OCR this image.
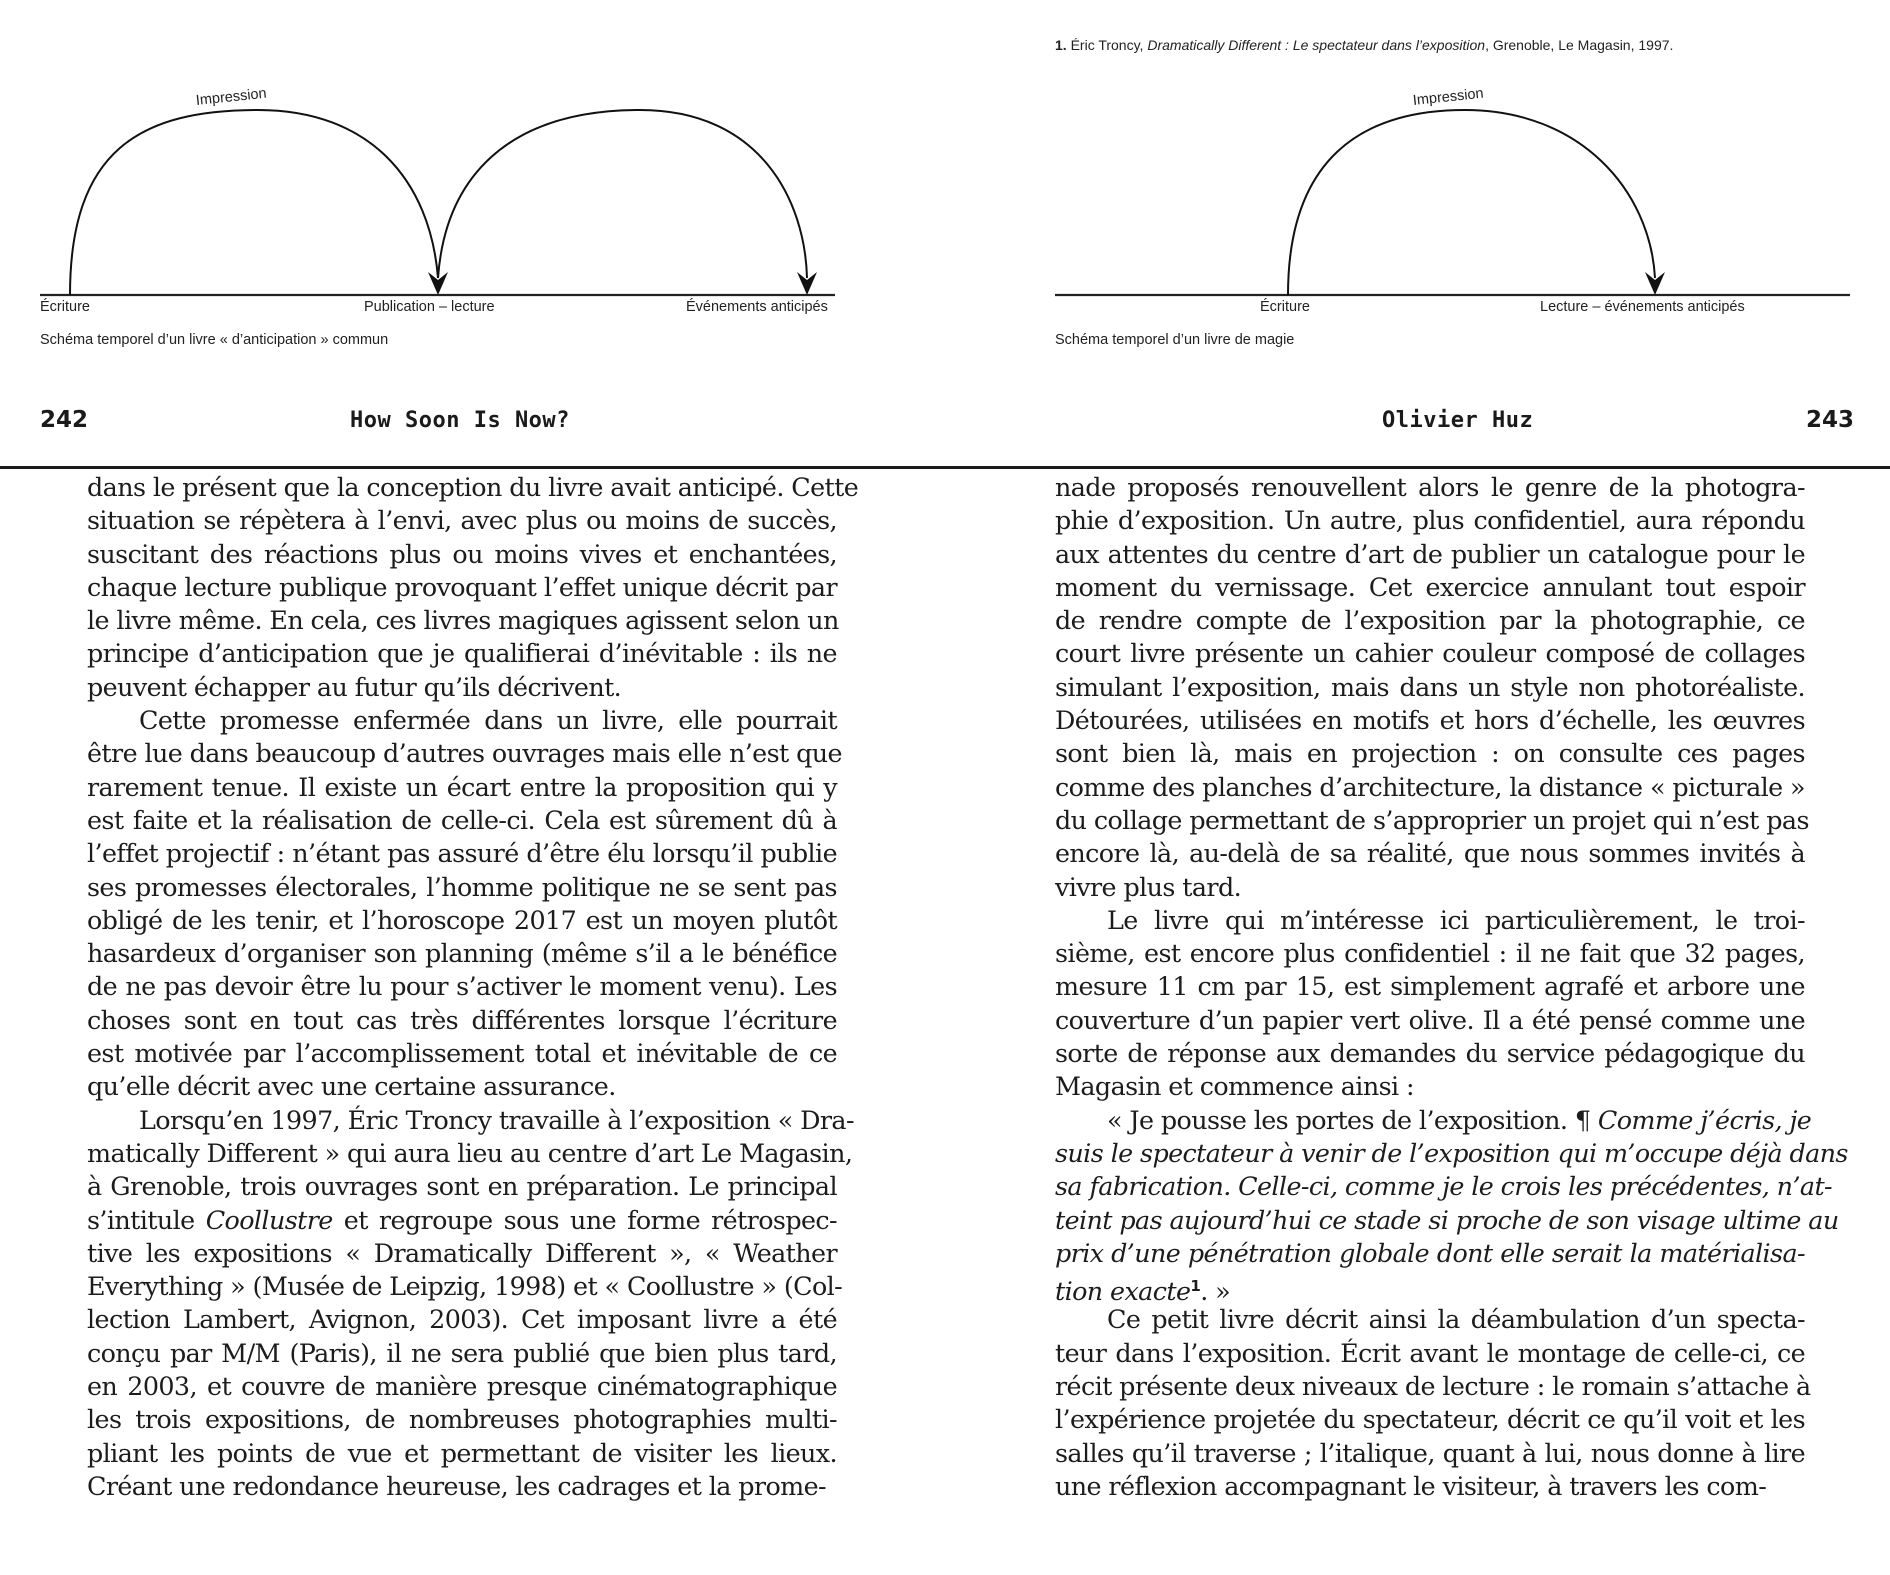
Impression	Impression
Écriture	Publication – lecture	Événements anticipés
Schéma temporel d’un livre « d’anticipation » commun
1. Éric Troncy, Dramatically Different : Le spectateur dans l’exposition, Grenoble, Le Magasin, 1997.
Écriture	Lecture – événements anticipés
Schéma temporel d’un livre de magie
242	How Soon Is Now?	Olivier Huz	243
dans le présent que la conception du livre avait anticipé. Cette
situation se répètera à l’envi, avec plus ou moins de succès,
suscitant des réactions plus ou moins vives et enchantées,
chaque lecture publique provoquant l’effet unique décrit par
le livre même. En cela, ces livres magiques agissent selon un
principe d’anticipation que je qualifierai d’inévitable : ils ne
peuvent échapper au futur qu’ils décrivent.
Cette promesse enfermée dans un livre, elle pourrait
être lue dans beaucoup d’autres ouvrages mais elle n’est que
rarement tenue. Il existe un écart entre la proposition qui y
est faite et la réalisation de celle-ci. Cela est sûrement dû à
l’effet projectif : n’étant pas assuré d’être élu lorsqu’il publie
ses promesses électorales, l’homme politique ne se sent pas
obligé de les tenir, et l’horoscope 2017 est un moyen plutôt
hasardeux d’organiser son planning (même s’il a le bénéfice
de ne pas devoir être lu pour s’activer le moment venu). Les
choses sont en tout cas très différentes lorsque l’écriture
est motivée par l’accomplissement total et inévitable de ce
qu’elle décrit avec une certaine assurance.
Lorsqu’en 1997, Éric Troncy travaille à l’exposition « Dra-
matically Different » qui aura lieu au centre d’art Le Magasin,
à Grenoble, trois ouvrages sont en préparation. Le principal
s’intitule Coollustre et regroupe sous une forme rétrospec-
tive les expositions « Dramatically Different », « Weather
Everything » (Musée de Leipzig, 1998) et « Coollustre » (Col-
lection Lambert, Avignon, 2003). Cet imposant livre a été
conçu par M/M (Paris), il ne sera publié que bien plus tard,
en 2003, et couvre de manière presque cinématographique
les trois expositions, de nombreuses photographies multi-
pliant les points de vue et permettant de visiter les lieux.
Créant une redondance heureuse, les cadrages et la prome-
nade proposés renouvellent alors le genre de la photogra-
phie d’exposition. Un autre, plus confidentiel, aura répondu
aux attentes du centre d’art de publier un catalogue pour le
moment du vernissage. Cet exercice annulant tout espoir
de rendre compte de l’exposition par la photographie, ce
court livre présente un cahier couleur composé de collages
simulant l’exposition, mais dans un style non photoréaliste.
Détourées, utilisées en motifs et hors d’échelle, les œuvres
sont bien là, mais en projection : on consulte ces pages
comme des planches d’architecture, la distance « picturale »
du collage permettant de s’approprier un projet qui n’est pas
encore là, au-delà de sa réalité, que nous sommes invités à
vivre plus tard.
Le livre qui m’intéresse ici particulièrement, le troi-
sième, est encore plus confidentiel : il ne fait que 32 pages,
mesure 11 cm par 15, est simplement agrafé et arbore une
couverture d’un papier vert olive. Il a été pensé comme une
sorte de réponse aux demandes du service pédagogique du
Magasin et commence ainsi :
« Je pousse les portes de l’exposition. ¶ Comme j’écris, je
suis le spectateur à venir de l’exposition qui m’occupe déjà dans
sa fabrication. Celle-ci, comme je le crois les précédentes, n’at-
teint pas aujourd’hui ce stade si proche de son visage ultime au
prix d’une pénétration globale dont elle serait la matérialisa-
tion exacte$^1$. »
Ce petit livre décrit ainsi la déambulation d’un specta-
teur dans l’exposition. Écrit avant le montage de celle-ci, ce
récit présente deux niveaux de lecture : le romain s’attache à
l’expérience projetée du spectateur, décrit ce qu’il voit et les
salles qu’il traverse ; l’italique, quant à lui, nous donne à lire
une réflexion accompagnant le visiteur, à travers les com-
